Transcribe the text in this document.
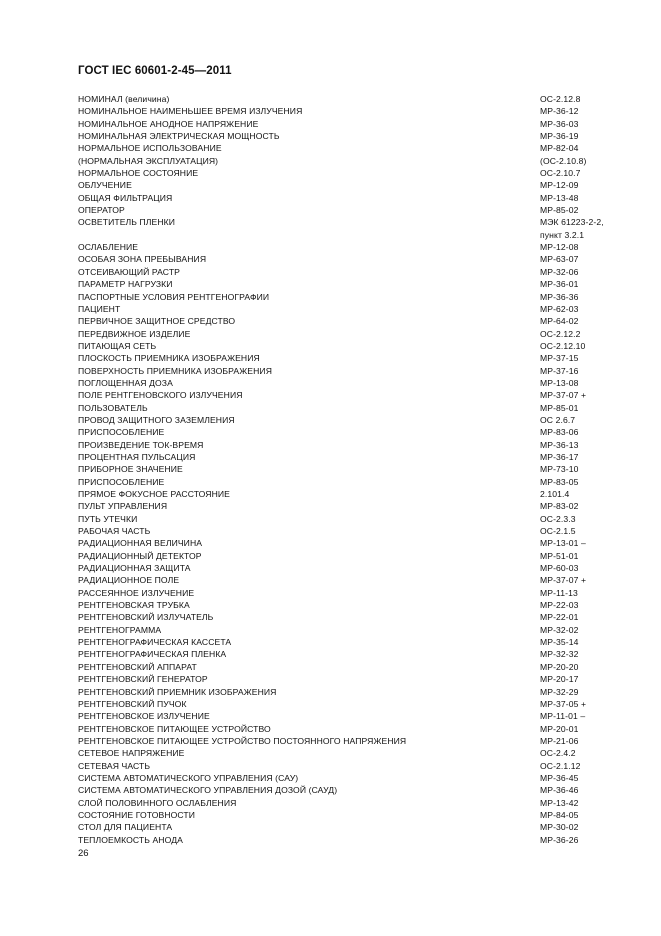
ГОСТ IEC 60601-2-45—2011
НОМИНАЛ (величина)	ОС-2.12.8
НОМИНАЛЬНОЕ НАИМЕНЬШЕЕ ВРЕМЯ ИЗЛУЧЕНИЯ	МР-36-12
НОМИНАЛЬНОЕ АНОДНОЕ НАПРЯЖЕНИЕ	МР-36-03
НОМИНАЛЬНАЯ ЭЛЕКТРИЧЕСКАЯ МОЩНОСТЬ	МР-36-19
НОРМАЛЬНОЕ ИСПОЛЬЗОВАНИЕ	МР-82-04
(НОРМАЛЬНАЯ ЭКСПЛУАТАЦИЯ)	(ОС-2.10.8)
НОРМАЛЬНОЕ СОСТОЯНИЕ	ОС-2.10.7
ОБЛУЧЕНИЕ	МР-12-09
ОБЩАЯ ФИЛЬТРАЦИЯ	МР-13-48
ОПЕРАТОР	МР-85-02
ОСВЕТИТЕЛЬ ПЛЕНКИ	МЭК 61223-2-2,
пункт 3.2.1
ОСЛАБЛЕНИЕ	МР-12-08
ОСОБАЯ ЗОНА ПРЕБЫВАНИЯ	МР-63-07
ОТСЕИВАЮЩИЙ РАСТР	МР-32-06
ПАРАМЕТР НАГРУЗКИ	МР-36-01
ПАСПОРТНЫЕ УСЛОВИЯ РЕНТГЕНОГРАФИИ	МР-36-36
ПАЦИЕНТ	МР-62-03
ПЕРВИЧНОЕ ЗАЩИТНОЕ СРЕДСТВО	МР-64-02
ПЕРЕДВИЖНОЕ ИЗДЕЛИЕ	ОС-2.12.2
ПИТАЮЩАЯ СЕТЬ	ОС-2.12.10
ПЛОСКОСТЬ ПРИЕМНИКА ИЗОБРАЖЕНИЯ	МР-37-15
ПОВЕРХНОСТЬ ПРИЕМНИКА ИЗОБРАЖЕНИЯ	МР-37-16
ПОГЛОЩЕННАЯ ДОЗА	МР-13-08
ПОЛЕ РЕНТГЕНОВСКОГО ИЗЛУЧЕНИЯ	МР-37-07 +
ПОЛЬЗОВАТЕЛЬ	МР-85-01
ПРОВОД ЗАЩИТНОГО ЗАЗЕМЛЕНИЯ	ОС 2.6.7
ПРИСПОСОБЛЕНИЕ	МР-83-06
ПРОИЗВЕДЕНИЕ ТОК-ВРЕМЯ	МР-36-13
ПРОЦЕНТНАЯ ПУЛЬСАЦИЯ	МР-36-17
ПРИБОРНОЕ ЗНАЧЕНИЕ	МР-73-10
ПРИСПОСОБЛЕНИЕ	МР-83-05
ПРЯМОЕ ФОКУСНОЕ РАССТОЯНИЕ	2.101.4
ПУЛЬТ УПРАВЛЕНИЯ	МР-83-02
ПУТЬ УТЕЧКИ	ОС-2.3.3
РАБОЧАЯ ЧАСТЬ	ОС-2.1.5
РАДИАЦИОННАЯ ВЕЛИЧИНА	МР-13-01 –
РАДИАЦИОННЫЙ ДЕТЕКТОР	МР-51-01
РАДИАЦИОННАЯ ЗАЩИТА	МР-60-03
РАДИАЦИОННОЕ ПОЛЕ	МР-37-07 +
РАССЕЯННОЕ ИЗЛУЧЕНИЕ	МР-11-13
РЕНТГЕНОВСКАЯ ТРУБКА	МР-22-03
РЕНТГЕНОВСКИЙ ИЗЛУЧАТЕЛЬ	МР-22-01
РЕНТГЕНОГРАММА	МР-32-02
РЕНТГЕНОГРАФИЧЕСКАЯ КАССЕТА	МР-35-14
РЕНТГЕНОГРАФИЧЕСКАЯ ПЛЕНКА	МР-32-32
РЕНТГЕНОВСКИЙ АППАРАТ	МР-20-20
РЕНТГЕНОВСКИЙ ГЕНЕРАТОР	МР-20-17
РЕНТГЕНОВСКИЙ ПРИЕМНИК ИЗОБРАЖЕНИЯ	МР-32-29
РЕНТГЕНОВСКИЙ ПУЧОК	МР-37-05 +
РЕНТГЕНОВСКОЕ ИЗЛУЧЕНИЕ	МР-11-01 –
РЕНТГЕНОВСКОЕ ПИТАЮЩЕЕ УСТРОЙСТВО	МР-20-01
РЕНТГЕНОВСКОЕ ПИТАЮЩЕЕ УСТРОЙСТВО ПОСТОЯННОГО НАПРЯЖЕНИЯ	МР-21-06
СЕТЕВОЕ НАПРЯЖЕНИЕ	ОС-2.4.2
СЕТЕВАЯ ЧАСТЬ	ОС-2.1.12
СИСТЕМА АВТОМАТИЧЕСКОГО УПРАВЛЕНИЯ (САУ)	МР-36-45
СИСТЕМА АВТОМАТИЧЕСКОГО УПРАВЛЕНИЯ ДОЗОЙ (САУД)	МР-36-46
СЛОЙ ПОЛОВИННОГО ОСЛАБЛЕНИЯ	МР-13-42
СОСТОЯНИЕ ГОТОВНОСТИ	МР-84-05
СТОЛ ДЛЯ ПАЦИЕНТА	МР-30-02
ТЕПЛОЕМКОСТЬ АНОДА	МР-36-26
26
